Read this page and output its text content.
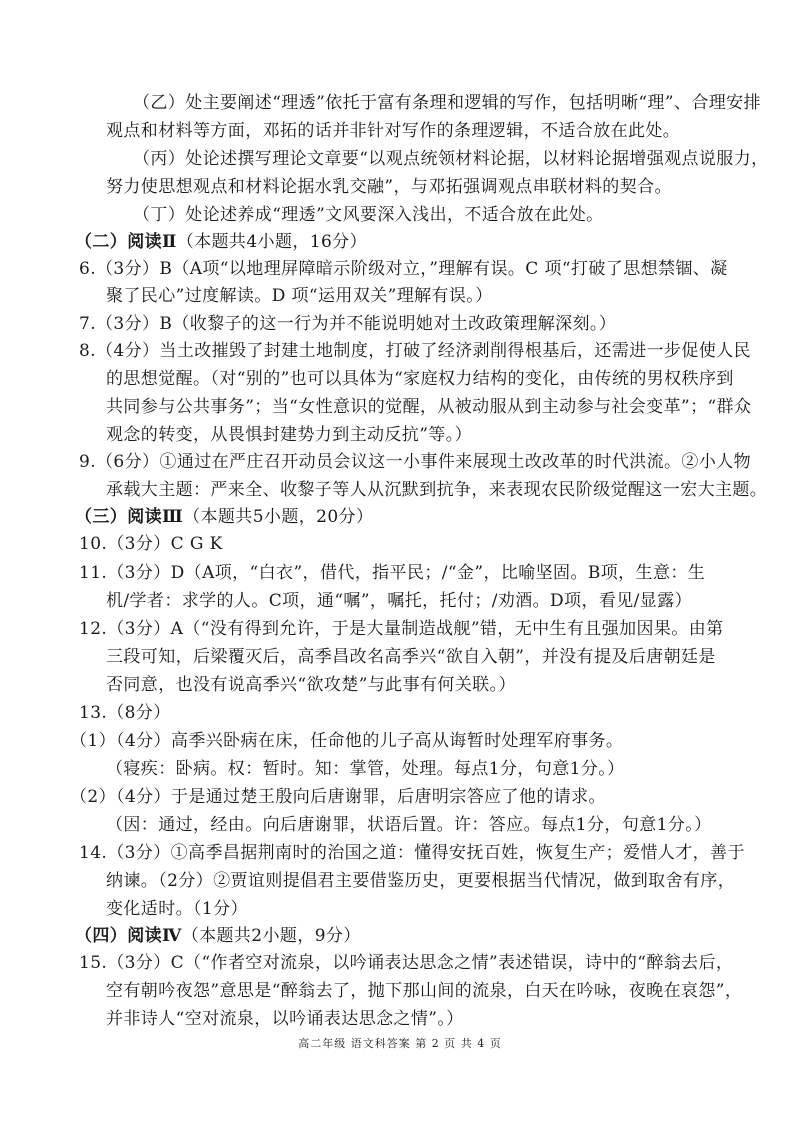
（乙）处主要阐述“理透”依托于富有条理和逻辑的写作，包括明晰“理”、合理安排
观点和材料等方面，邓拓的话并非针对写作的条理逻辑，不适合放在此处。
（丙）处论述撰写理论文章要“以观点统领材料论据，以材料论据增强观点说服力，
努力使思想观点和材料论据水乳交融”，与邓拓强调观点串联材料的契合。
（丁）处论述养成“理透”文风要深入浅出，不适合放在此处。
（二）阅读Ⅱ（本题共4小题，16分）
6.（3分）B（A项“以地理屏障暗示阶级对立，”理解有误。C 项“打破了思想禁锢、凝
聚了民心”过度解读。D 项“运用双关”理解有误。）
7.（3分）B（收黎子的这一行为并不能说明她对土改政策理解深刻。）
8.（4分）当土改摧毁了封建土地制度，打破了经济剥削得根基后，还需进一步促使人民
的思想觉醒。（对“别的”也可以具体为“家庭权力结构的变化，由传统的男权秩序到
共同参与公共事务”；当“女性意识的觉醒，从被动服从到主动参与社会变革”；“群众
观念的转变，从畏惧封建势力到主动反抗”等。）
9.（6分）①通过在严庄召开动员会议这一小事件来展现土改改革的时代洪流。②小人物
承载大主题：严来全、收黎子等人从沉默到抗争，来表现农民阶级觉醒这一宏大主题。
（三）阅读Ⅲ（本题共5小题，20分）
10.（3分）C G K
11.（3分）D（A项，“白衣”，借代，指平民；/“金”，比喻坚固。B项，生意：生
机/学者：求学的人。C项，通“嘱”，嘱托，托付；/劝酒。D项，看见/显露）
12.（3分）A（“没有得到允许，于是大量制造战舰”错，无中生有且强加因果。由第
三段可知，后梁覆灭后，高季昌改名高季兴“欲自入朝”，并没有提及后唐朝廷是
否同意，也没有说高季兴“欲攻楚”与此事有何关联。）
13.（8分）
（1）（4分）高季兴卧病在床，任命他的儿子高从诲暂时处理军府事务。
（寝疾：卧病。权：暂时。知：掌管，处理。每点1分，句意1分。）
（2）（4分）于是通过楚王殷向后唐谢罪，后唐明宗答应了他的请求。
（因：通过，经由。向后唐谢罪，状语后置。许：答应。每点1分，句意1分。）
14.（3分）①高季昌据荆南时的治国之道：懂得安抚百姓，恢复生产；爱惜人才，善于
纳谏。（2分）②贾谊则提倡君主要借鉴历史，更要根据当代情况，做到取舍有序，
变化适时。（1分）
（四）阅读Ⅳ（本题共2小题，9分）
15.（3分）C（“作者空对流泉，以吟诵表达思念之情”表述错误，诗中的“醉翁去后，
空有朝吟夜怨”意思是“醉翁去了，抛下那山间的流泉，白天在吟咏，夜晚在哀怨”，
并非诗人“空对流泉，以吟诵表达思念之情”。）
高二年级 语文科答案 第 2 页 共 4 页
